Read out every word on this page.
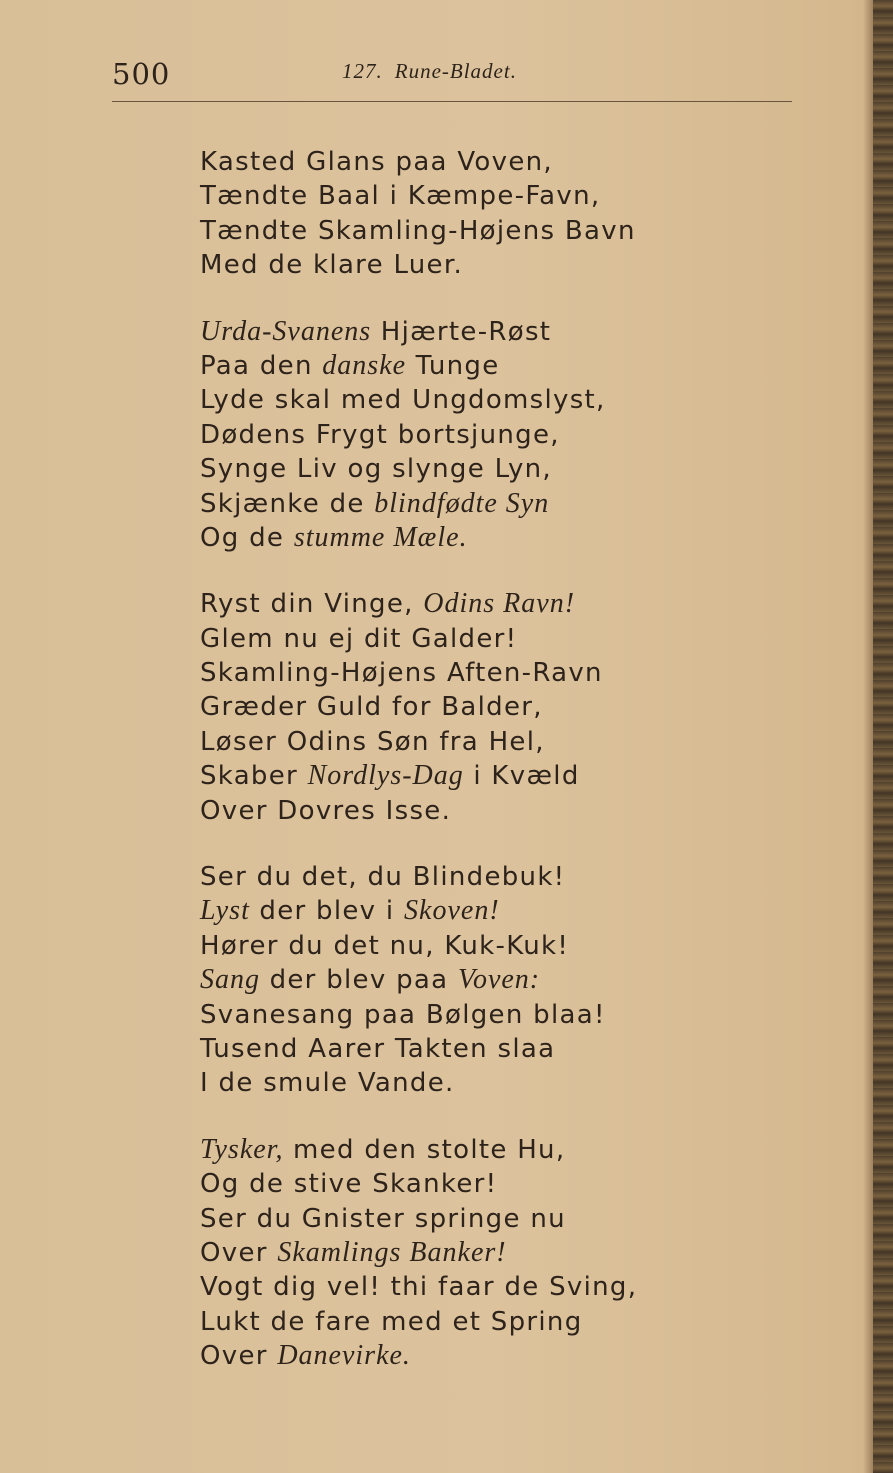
500	127. Rune-Bladet.
Kasted Glans paa Voven,
Tændte Baal i Kæmpe-Favn,
Tændte Skamling-Højens Bavn
Med de klare Luer.
Urda-Svanens Hjærte-Røst
Paa den danske Tunge
Lyde skal med Ungdomslyst,
Dødens Frygt bortsjunge,
Synge Liv og slynge Lyn,
Skjænke de blindfødte Syn
Og de stumme Mæle.
Ryst din Vinge, Odins Ravn!
Glem nu ej dit Galder!
Skamling-Højens Aften-Ravn
Græder Guld for Balder,
Løser Odins Søn fra Hel,
Skaber Nordlys-Dag i Kvæld
Over Dovres Isse.
Ser du det, du Blindebuk!
Lyst der blev i Skoven!
Hører du det nu, Kuk-Kuk!
Sang der blev paa Voven:
Svanesang paa Bølgen blaa!
Tusend Aarer Takten slaa
I de smule Vande.
Tysker, med den stolte Hu,
Og de stive Skanker!
Ser du Gnister springe nu
Over Skamlings Banker!
Vogt dig vel! thi faar de Sving,
Lukt de fare med et Spring
Over Danevirke.
